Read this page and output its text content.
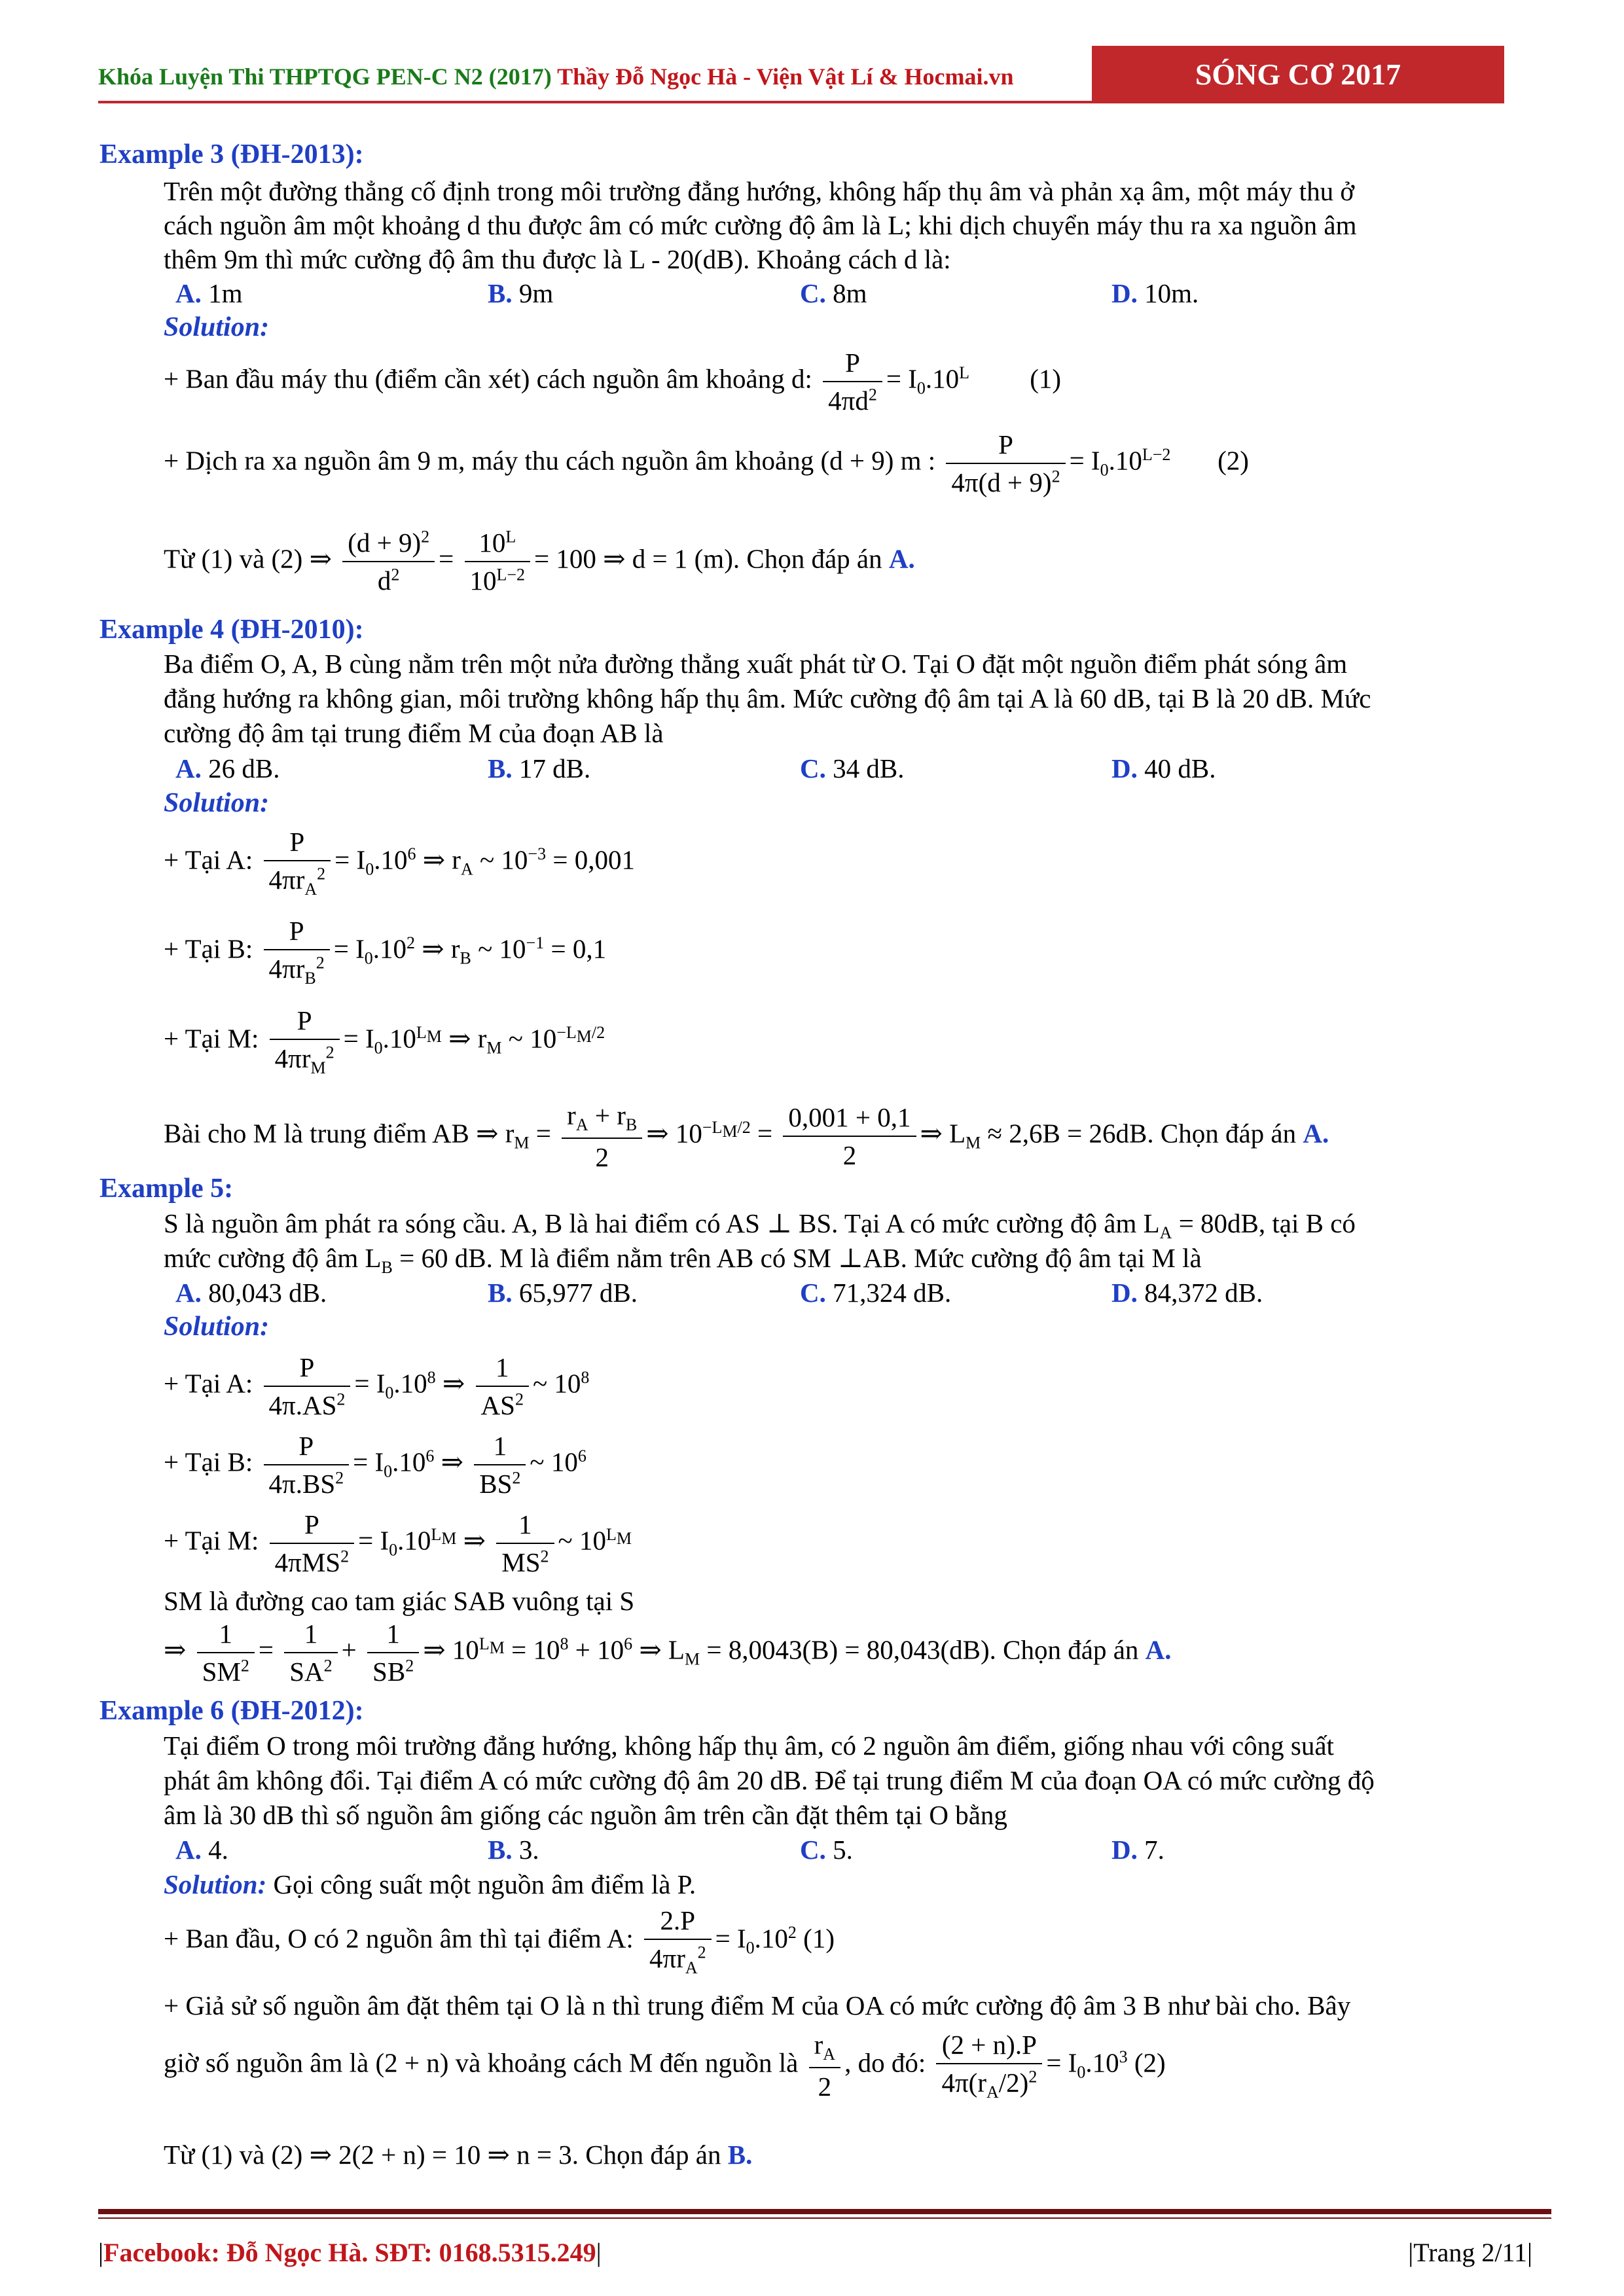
Khóa Luyện Thi THPTQG PEN-C N2 (2017) Thầy Đỗ Ngọc Hà - Viện Vật Lí & Hocmai.vn	SÓNG CƠ 2017
Example 3 (ĐH-2013):
Trên một đường thẳng cố định trong môi trường đẳng hướng, không hấp thụ âm và phản xạ âm, một máy thu ở
cách nguồn âm một khoảng d thu được âm có mức cường độ âm là L; khi dịch chuyển máy thu ra xa nguồn âm
thêm 9m thì mức cường độ âm thu được là L - 20(dB). Khoảng cách d là:
A. 1m	B. 9m	C. 8m	D. 10m.
Solution:
+ Ban đầu máy thu (điểm cần xét) cách nguồn âm khoảng d: $\frac{P}{4\pi d^2} = I_0.10^L$         (1)
+ Dịch ra xa nguồn âm 9 m, máy thu cách nguồn âm khoảng (d + 9) m : $\frac{P}{4\pi(d + 9)^2} = I_0.10^{L-2}$       (2)
Từ (1) và (2) ⇒ $\frac{(d + 9)^2}{d^2} = \frac{10^L}{10^{L-2}} = 100$ ⇒ d = 1 (m). Chọn đáp án A.
Example 4 (ĐH-2010):
Ba điểm O, A, B cùng nằm trên một nửa đường thẳng xuất phát từ O. Tại O đặt một nguồn điểm phát sóng âm
đẳng hướng ra không gian, môi trường không hấp thụ âm. Mức cường độ âm tại A là 60 dB, tại B là 20 dB. Mức
cường độ âm tại trung điểm M của đoạn AB là
A. 26 dB.	B. 17 dB.	C. 34 dB.	D. 40 dB.
Solution:
+ Tại A: $\frac{P}{4\pi r_A^2} = I_0.10^6$ ⇒ $r_A$ ~ $10^{-3} = 0,001$
+ Tại B: $\frac{P}{4\pi r_B^2} = I_0.10^2$ ⇒ $r_B$ ~ $10^{-1} = 0,1$
+ Tại M: $\frac{P}{4\pi r_M^2} = I_0.10^{L_M}$ ⇒ $r_M$ ~ $10^{-L_M/2}$
Bài cho M là trung điểm AB ⇒ $r_M = \frac{r_A + r_B}{2}$ ⇒ $10^{-L_M/2} = \frac{0,001 + 0,1}{2}$ ⇒ $L_M \approx 2,6B = 26dB$. Chọn đáp án A.
Example 5:
S là nguồn âm phát ra sóng cầu. A, B là hai điểm có AS ⊥ BS. Tại A có mức cường độ âm $L_A = 80dB$, tại B có
mức cường độ âm $L_B = 60$ dB. M là điểm nằm trên AB có SM ⊥AB. Mức cường độ âm tại M là
A. 80,043 dB.	B. 65,977 dB.	C. 71,324 dB.	D. 84,372 dB.
Solution:
+ Tại A: $\frac{P}{4\pi.AS^2} = I_0.10^8$ ⇒ $\frac{1}{AS^2}$ ~ $10^8$
+ Tại B: $\frac{P}{4\pi.BS^2} = I_0.10^6$ ⇒ $\frac{1}{BS^2}$ ~ $10^6$
+ Tại M: $\frac{P}{4\pi MS^2} = I_0.10^{L_M}$ ⇒ $\frac{1}{MS^2}$ ~ $10^{L_M}$
SM là đường cao tam giác SAB vuông tại S
⇒ $\frac{1}{SM^2} = \frac{1}{SA^2} + \frac{1}{SB^2}$ ⇒ $10^{L_M} = 10^8 + 10^6$ ⇒ $L_M = 8,0043(B) = 80,043(dB)$. Chọn đáp án A.
Example 6 (ĐH-2012):
Tại điểm O trong môi trường đẳng hướng, không hấp thụ âm, có 2 nguồn âm điểm, giống nhau với công suất
phát âm không đổi. Tại điểm A có mức cường độ âm 20 dB. Để tại trung điểm M của đoạn OA có mức cường độ
âm là 30 dB thì số nguồn âm giống các nguồn âm trên cần đặt thêm tại O bằng
A. 4.	B. 3.	C. 5.	D. 7.
Solution: Gọi công suất một nguồn âm điểm là P.
+ Ban đầu, O có 2 nguồn âm thì tại điểm A: $\frac{2.P}{4\pi r_A^2} = I_0.10^2$ (1)
+ Giả sử số nguồn âm đặt thêm tại O là n thì trung điểm M của OA có mức cường độ âm 3 B như bài cho. Bây
giờ số nguồn âm là (2 + n) và khoảng cách M đến nguồn là $\frac{r_A}{2}$ , do đó: $\frac{(2 + n).P}{4\pi(r_A/2)^2} = I_0.10^3$ (2)
Từ (1) và (2) ⇒ 2(2 + n) = 10 ⇒ n = 3. Chọn đáp án B.
|Facebook: Đỗ Ngọc Hà. SĐT: 0168.5315.249|	|Trang 2/11|
